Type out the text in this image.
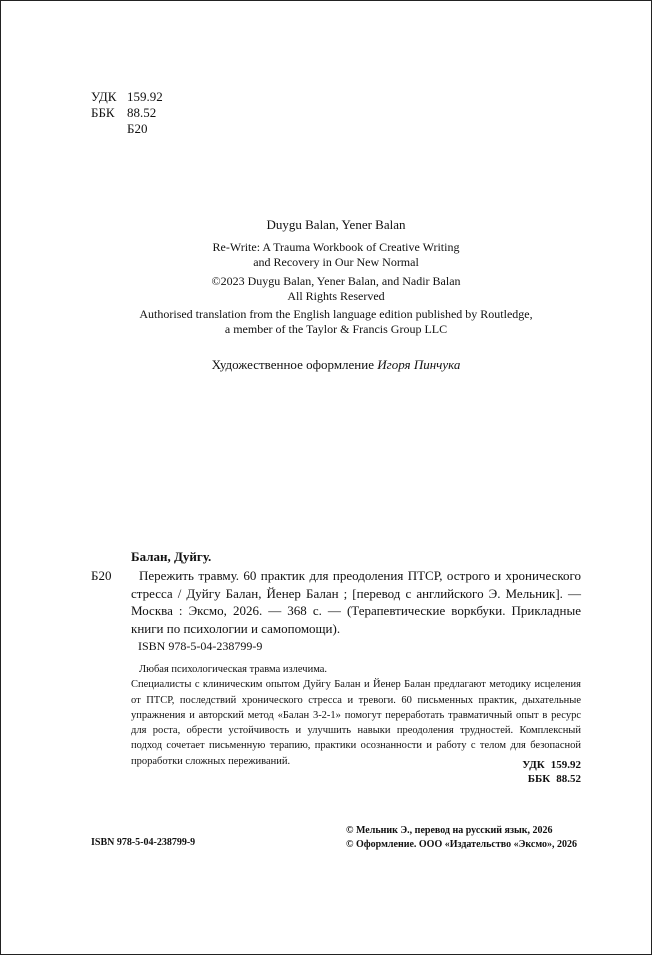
УДК 159.92
ББК 88.52
Б20
Duygu Balan, Yener Balan
Re-Write: A Trauma Workbook of Creative Writing
and Recovery in Our New Normal
©2023 Duygu Balan, Yener Balan, and Nadir Balan
All Rights Reserved
Authorised translation from the English language edition published by Routledge,
a member of the Taylor & Francis Group LLC
Художественное оформление Игоря Пинчука
Балан, Дуйгу.
Б20	Пережить травму. 60 практик для преодоления ПТСР, острого и хронического стресса / Дуйгу Балан, Йенер Балан ; [перевод с английского Э. Мельник]. — Москва : Эксмо, 2026. — 368 с. — (Терапевтические воркбуки. Прикладные книги по психологии и самопомощи).
ISBN 978-5-04-238799-9
Любая психологическая травма излечима.
Специалисты с клиническим опытом Дуйгу Балан и Йенер Балан предлагают методику исцеления от ПТСР, последствий хронического стресса и тревоги. 60 письменных практик, дыхательные упражнения и авторский метод «Балан 3-2-1» помогут переработать травматичный опыт в ресурс для роста, обрести устойчивость и улучшить навыки преодоления трудностей. Комплексный подход сочетает письменную терапию, практики осознанности и работу с телом для безопасной проработки сложных переживаний.	УДК 159.92
ББК 88.52
ISBN 978-5-04-238799-9
© Мельник Э., перевод на русский язык, 2026
© Оформление. ООО «Издательство «Эксмо», 2026
